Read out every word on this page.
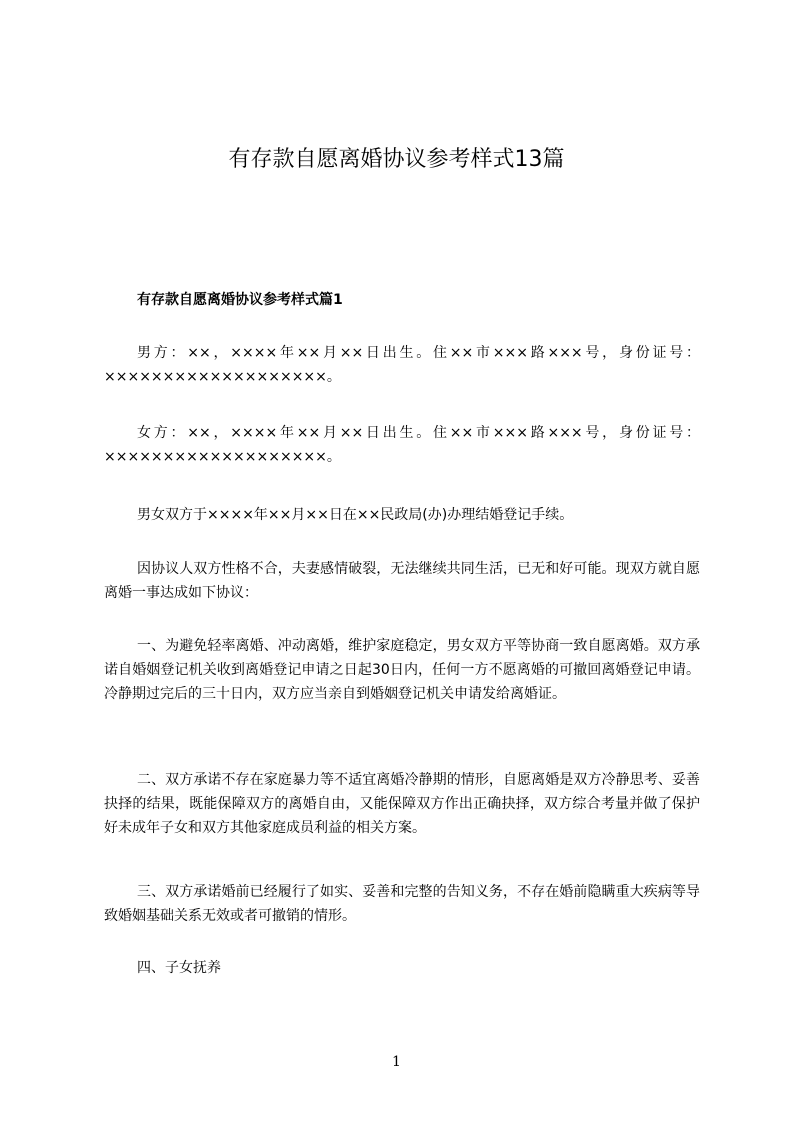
有存款自愿离婚协议参考样式13篇
有存款自愿离婚协议参考样式篇1
男方：××，××××年××月××日出生。住××市×××路×××号，身份证号：×××××××××××××××××××。
女方：××，××××年××月××日出生。住××市×××路×××号，身份证号：×××××××××××××××××××。
男女双方于××××年××月××日在××民政局(办)办理结婚登记手续。
因协议人双方性格不合，夫妻感情破裂，无法继续共同生活，已无和好可能。现双方就自愿离婚一事达成如下协议：
一、为避免轻率离婚、冲动离婚，维护家庭稳定，男女双方平等协商一致自愿离婚。双方承诺自婚姻登记机关收到离婚登记申请之日起30日内，任何一方不愿离婚的可撤回离婚登记申请。冷静期过完后的三十日内，双方应当亲自到婚姻登记机关申请发给离婚证。
二、双方承诺不存在家庭暴力等不适宜离婚冷静期的情形，自愿离婚是双方冷静思考、妥善抉择的结果，既能保障双方的离婚自由，又能保障双方作出正确抉择，双方综合考量并做了保护好未成年子女和双方其他家庭成员利益的相关方案。
三、双方承诺婚前已经履行了如实、妥善和完整的告知义务，不存在婚前隐瞒重大疾病等导致婚姻基础关系无效或者可撤销的情形。
四、子女抚养
1
